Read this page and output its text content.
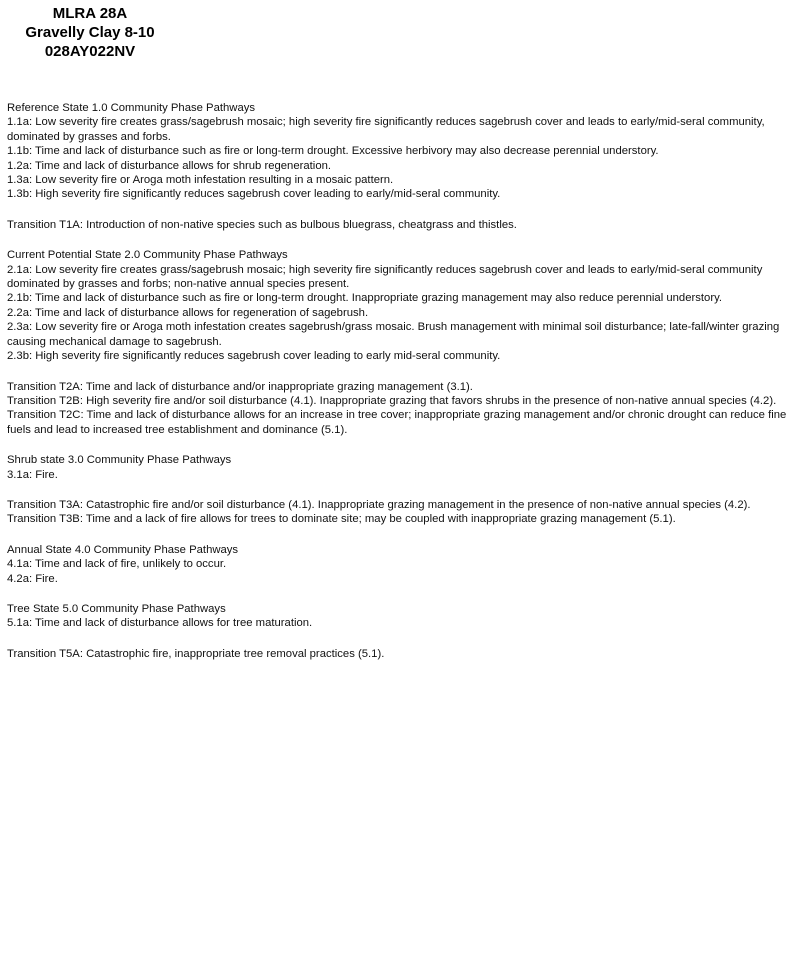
MLRA 28A
Gravelly Clay 8-10
028AY022NV

Reference State 1.0 Community Phase Pathways

1.1a: Low severity fire creates grass/sagebrush mosaic; high severity fire significantly reduces sagebrush cover and leads to early/mid-seral community, dominated by grasses and forbs.

1.1b: Time and lack of disturbance such as fire or long-term drought. Excessive herbivory may also decrease perennial understory.

1.2a: Time and lack of disturbance allows for shrub regeneration.

1.3a: Low severity fire or Aroga moth infestation resulting in a mosaic pattern.

1.3b: High severity fire significantly reduces sagebrush cover leading to early/mid-seral community.

Transition T1A: Introduction of non-native species such as bulbous bluegrass, cheatgrass and thistles.

Current Potential State 2.0 Community Phase Pathways

2.1a: Low severity fire creates grass/sagebrush mosaic; high severity fire significantly reduces sagebrush cover and leads to early/mid-seral community dominated by grasses and forbs; non-native annual species present.

2.1b: Time and lack of disturbance such as fire or long-term drought. Inappropriate grazing management may also reduce perennial understory.

2.2a: Time and lack of disturbance allows for regeneration of sagebrush.

2.3a: Low severity fire or Aroga moth infestation creates sagebrush/grass mosaic. Brush management with minimal soil disturbance; late-fall/winter grazing causing mechanical damage to sagebrush.

2.3b: High severity fire significantly reduces sagebrush cover leading to early mid-seral community.

Transition T2A: Time and lack of disturbance and/or inappropriate grazing management (3.1).

Transition T2B: High severity fire and/or soil disturbance (4.1). Inappropriate grazing that favors shrubs in the presence of non-native annual species (4.2).

Transition T2C: Time and lack of disturbance allows for an increase in tree cover; inappropriate grazing management and/or chronic drought can reduce fine fuels and lead to increased tree establishment and dominance (5.1).

Shrub state 3.0 Community Phase Pathways

3.1a: Fire.

Transition T3A: Catastrophic fire and/or soil disturbance (4.1). Inappropriate grazing management in the presence of non-native annual species (4.2).

Transition T3B: Time and a lack of fire allows for trees to dominate site; may be coupled with inappropriate grazing management (5.1).

Annual State 4.0 Community Phase Pathways

4.1a: Time and lack of fire, unlikely to occur.

4.2a: Fire.

Tree State 5.0 Community Phase Pathways

5.1a: Time and lack of disturbance allows for tree maturation.

Transition T5A: Catastrophic fire, inappropriate tree removal practices (5.1).
